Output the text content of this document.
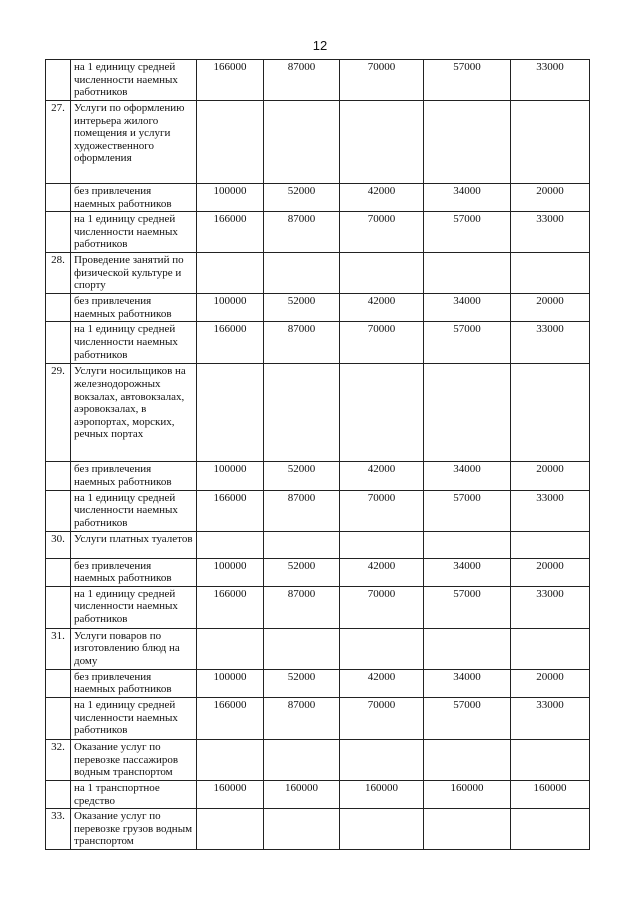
12
	на 1 единицу средней численности наемных работников	166000	87000	70000	57000	33000
27.	Услуги по оформлению интерьера жилого помещения и услуги художественного оформления					
	без привлечения наемных работников	100000	52000	42000	34000	20000
	на 1 единицу средней численности наемных работников	166000	87000	70000	57000	33000
28.	Проведение занятий по физической культуре и спорту					
	без привлечения наемных работников	100000	52000	42000	34000	20000
	на 1 единицу средней численности наемных работников	166000	87000	70000	57000	33000
29.	Услуги носильщиков на железнодорожных вокзалах, автовокзалах, аэровокзалах, в аэропортах, морских, речных портах					
	без привлечения наемных работников	100000	52000	42000	34000	20000
	на 1 единицу средней численности наемных работников	166000	87000	70000	57000	33000
30.	Услуги платных туалетов					
	без привлечения наемных работников	100000	52000	42000	34000	20000
	на 1 единицу средней численности наемных работников	166000	87000	70000	57000	33000
31.	Услуги поваров по изготовлению блюд на дому					
	без привлечения наемных работников	100000	52000	42000	34000	20000
	на 1 единицу средней численности наемных работников	166000	87000	70000	57000	33000
32.	Оказание услуг по перевозке пассажиров водным транспортом					
	на 1 транспортное средство	160000	160000	160000	160000	160000
33.	Оказание услуг по перевозке грузов водным транспортом					
